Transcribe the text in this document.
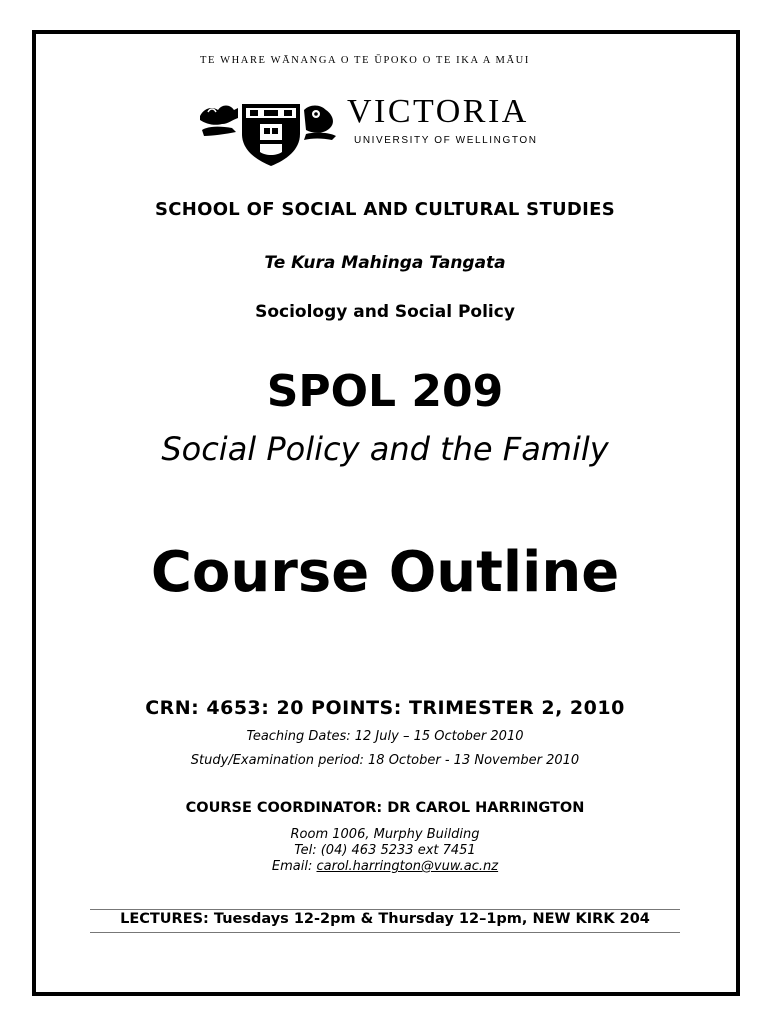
TE WHARE WĀNANGA O TE ŪPOKO O TE IKA A MĀUI
VICTORIA
UNIVERSITY OF WELLINGTON
SCHOOL OF SOCIAL AND CULTURAL STUDIES
Te Kura Mahinga Tangata
Sociology and Social Policy
SPOL 209
Social Policy and the Family
Course Outline
CRN: 4653: 20 POINTS: TRIMESTER 2, 2010
Teaching Dates: 12 July – 15 October 2010
Study/Examination period: 18 October - 13 November 2010
COURSE COORDINATOR: DR CAROL HARRINGTON
Room 1006, Murphy Building
Tel: (04) 463 5233 ext 7451
Email: carol.harrington@vuw.ac.nz
LECTURES: Tuesdays 12-2pm & Thursday 12–1pm, NEW KIRK 204
